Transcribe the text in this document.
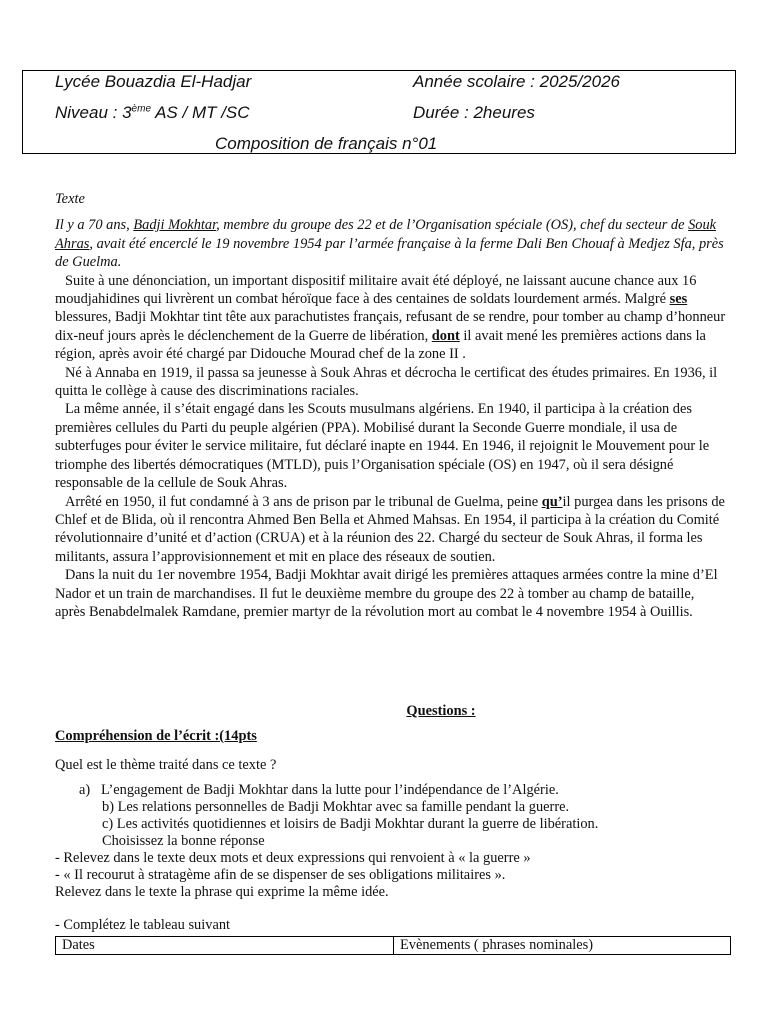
Lycée Bouazdia El-Hadjar	Année scolaire : 2025/2026
Niveau : 3ème AS / MT /SC	Durée : 2heures
Composition de français n°01
Texte

Il y a 70 ans, Badji Mokhtar, membre du groupe des 22 et de l’Organisation spéciale (OS), chef du secteur de Souk Ahras, avait été encerclé le 19 novembre 1954 par l’armée française à la ferme Dali Ben Chouaf à Medjez Sfa, près de Guelma.

Suite à une dénonciation, un important dispositif militaire avait été déployé, ne laissant aucune chance aux 16 moudjahidines qui livrèrent un combat héroïque face à des centaines de soldats lourdement armés. Malgré ses blessures, Badji Mokhtar tint tête aux parachutistes français, refusant de se rendre, pour tomber au champ d’honneur dix-neuf jours après le déclenchement de la Guerre de libération, dont il avait mené les premières actions dans la région, après avoir été chargé par Didouche Mourad chef de la zone II .

Né à Annaba en 1919, il passa sa jeunesse à Souk Ahras et décrocha le certificat des études primaires. En 1936, il quitta le collège à cause des discriminations raciales.

La même année, il s’était engagé dans les Scouts musulmans algériens. En 1940, il participa à la création des premières cellules du Parti du peuple algérien (PPA). Mobilisé durant la Seconde Guerre mondiale, il usa de subterfuges pour éviter le service militaire, fut déclaré inapte en 1944. En 1946, il rejoignit le Mouvement pour le triomphe des libertés démocratiques (MTLD), puis l’Organisation spéciale (OS) en 1947, où il sera désigné responsable de la cellule de Souk Ahras.

Arrêté en 1950, il fut condamné à 3 ans de prison par le tribunal de Guelma, peine qu’il purgea dans les prisons de Chlef et de Blida, où il rencontra Ahmed Ben Bella et Ahmed Mahsas. En 1954, il participa à la création du Comité révolutionnaire d’unité et d’action (CRUA) et à la réunion des 22. Chargé du secteur de Souk Ahras, il forma les militants, assura l’approvisionnement et mit en place des réseaux de soutien.

Dans la nuit du 1er novembre 1954, Badji Mokhtar avait dirigé les premières attaques armées contre la mine d’El Nador et un train de marchandises. Il fut le deuxième membre du groupe des 22 à tomber au champ de bataille, après Benabdelmalek Ramdane, premier martyr de la révolution mort au combat le 4 novembre 1954 à Ouillis.

Questions :
Compréhension de l’écrit :(14pts
Quel est le thème traité dans ce texte ?
a) L’engagement de Badji Mokhtar dans la lutte pour l’indépendance de l’Algérie.
b) Les relations personnelles de Badji Mokhtar avec sa famille pendant la guerre.
c) Les activités quotidiennes et loisirs de Badji Mokhtar durant la guerre de libération.
Choisissez la bonne réponse
- Relevez dans le texte deux mots et deux expressions qui renvoient à « la guerre »
- « Il recourut à stratagème afin de se dispenser de ses obligations militaires ».
Relevez dans le texte la phrase qui exprime la même idée.
- Complétez le tableau suivant
Dates	Evènements ( phrases nominales)
